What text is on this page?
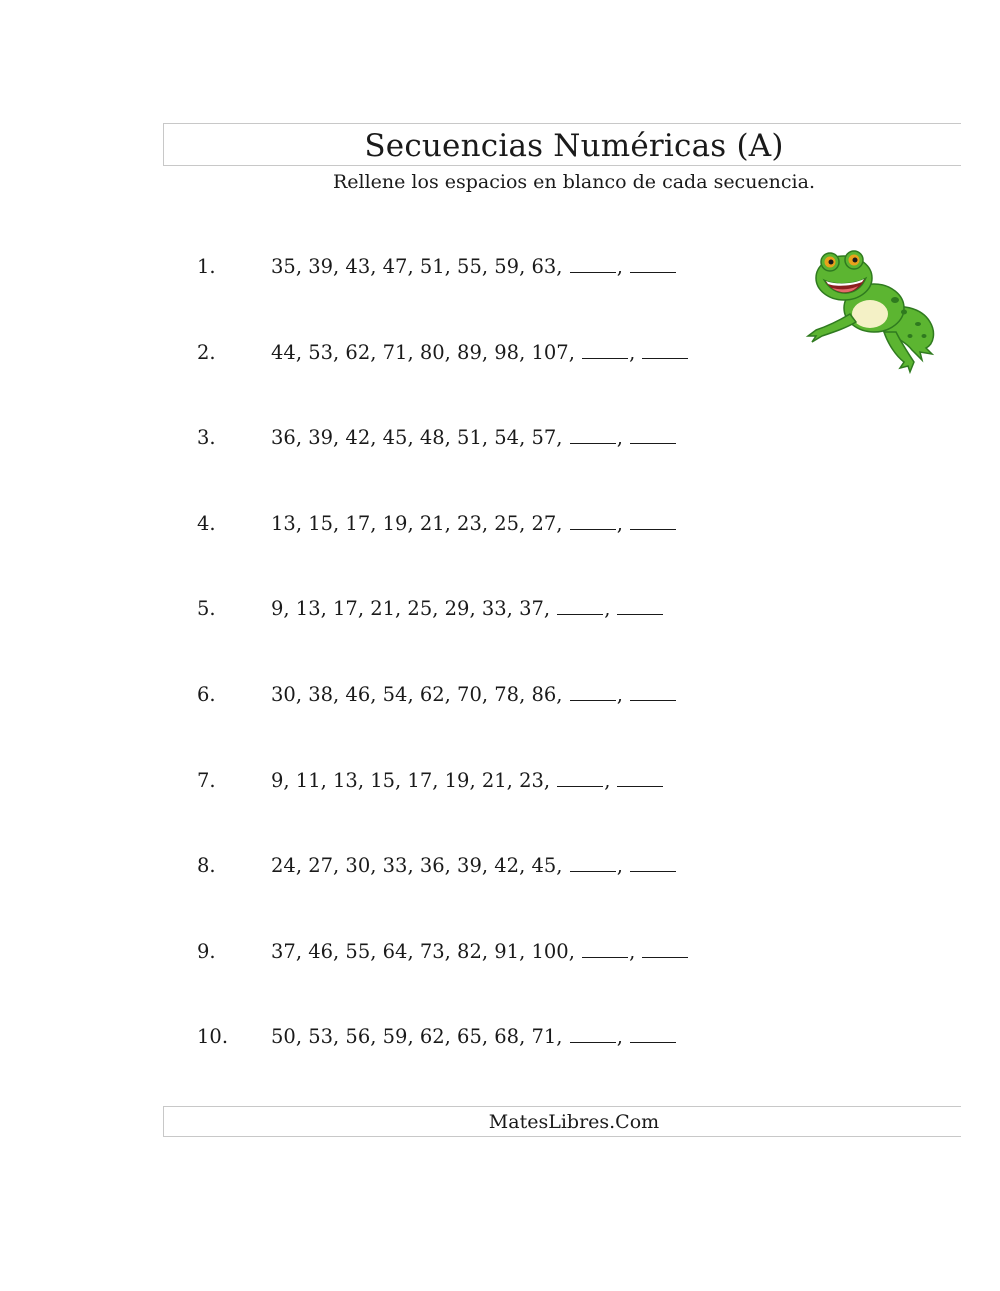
Secuencias Numéricas (A)
Rellene los espacios en blanco de cada secuencia.
1.	35, 39, 43, 47, 51, 55, 59, 63,
	,
2.	44, 53, 62, 71, 80, 89, 98, 107,
	,
3.	36, 39, 42, 45, 48, 51, 54, 57,
	,
4.	13, 15, 17, 19, 21, 23, 25, 27,
	,
5.	9, 13, 17, 21, 25, 29, 33, 37,
	,
6.	30, 38, 46, 54, 62, 70, 78, 86,
	,
7.	9, 11, 13, 15, 17, 19, 21, 23,
	,
8.	24, 27, 30, 33, 36, 39, 42, 45,
	,
9.	37, 46, 55, 64, 73, 82, 91, 100,
	,
10.	50, 53, 56, 59, 62, 65, 68, 71,
	,
MatesLibres.Com
